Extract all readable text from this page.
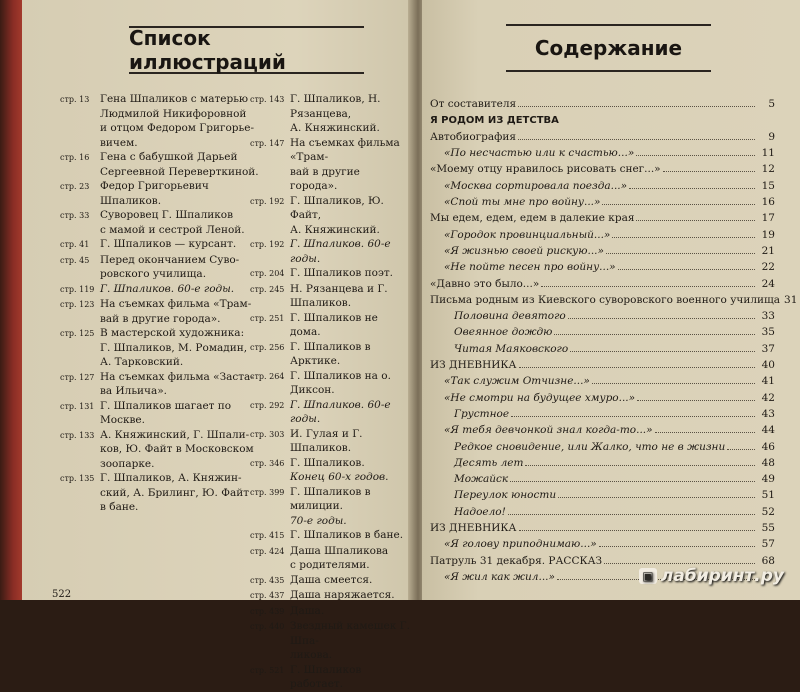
Список иллюстраций
стр. 13	Гена Шпаликов с матерью
Людмилой Никифоровной
и отцом Федором Григорье-
вичем.
стр. 16	Гена с бабушкой Дарьей
Сергеевной Переверткиной.
стр. 23	Федор Григорьевич Шпаликов.
стр. 33	Суворовец Г. Шпаликов
с мамой и сестрой Леной.
стр. 41	Г. Шпаликов — курсант.
стр. 45	Перед окончанием Суво-
ровского училища.
стр. 119 Г. Шпаликов. 60-е годы.
стр. 123 На съемках фильма «Трам-
вай в другие города».
стр. 125 В мастерской художника:
Г. Шпаликов, М. Ромадин,
А. Тарковский.
стр. 127 На съемках фильма «Заста-
ва Ильича».
стр. 131 Г. Шпаликов шагает по
Москве.
стр. 133 А. Княжинский, Г. Шпали-
ков, Ю. Файт в Московском
зоопарке.
стр. 135 Г. Шпаликов, А. Княжин-
ский, А. Брилинг, Ю. Файт
в бане.
стр. 143 Г. Шпаликов, Н. Рязанцева,
А. Княжинский.
стр. 147 На съемках фильма «Трам-
вай в другие города».
стр. 192 Г. Шпаликов, Ю. Файт,
А. Княжинский.
стр. 192 Г. Шпаликов. 60-е годы.
стр. 204 Г. Шпаликов поэт.
стр. 245 Н. Рязанцева и Г. Шпаликов.
стр. 251 Г. Шпаликов не дома.
стр. 256 Г. Шпаликов в Арктике.
стр. 264 Г. Шпаликов на о. Диксон.
стр. 292 Г. Шпаликов. 60-е годы.
стр. 303 И. Гулая и Г. Шпаликов.
стр. 346 Г. Шпаликов.
Конец 60-х годов.
стр. 399 Г. Шпаликов в милиции.
70-е годы.
стр. 415 Г. Шпаликов в бане.
стр. 424 Даша Шпаликова
с родителями.
стр. 435 Даша смеется.
стр. 437 Даша наряжается.
стр. 439 Даша.
стр. 440 Звездный камешек Г. Шпа-
ликова.
стр. 521 Г. Шпаликов работает.
522
Содержание
От составителя	5
Я РОДОМ ИЗ ДЕТСТВА
Автобиография	9
«По несчастью или к счастью...»	11
«Моему отцу нравилось рисовать снег...»	12
«Москва сортировала поезда...»	15
«Спой ты мне про войну...»	16
Мы едем, едем, едем в далекие края	17
«Городок провинциальный...»	19
«Я жизнью своей рискую...»	21
«Не пойте песен про войну...»	22
«Давно это было...»	24
Письма родным из Киевского суворовского военного училища 31
Половина девятого	33
Овеянное дождю	35
Читая Маяковского	37
ИЗ ДНЕВНИКА	40
«Так служим Отчизне...»	41
«Не смотри на будущее хмуро...»	42
Грустное	43
«Я тебя девчонкой знал когда-то...»	44
Редкое сновидение, или Жалко, что не в жизни	46
Десять лет	48
Можайск	49
Переулок юности	51
Надоело!	52
ИЗ ДНЕВНИКА	55
«Я голову приподнимаю...»	57
Патруль 31 декабря. РАССКАЗ	68
«Я жил как жил...»	▣ лабиринт.ру
